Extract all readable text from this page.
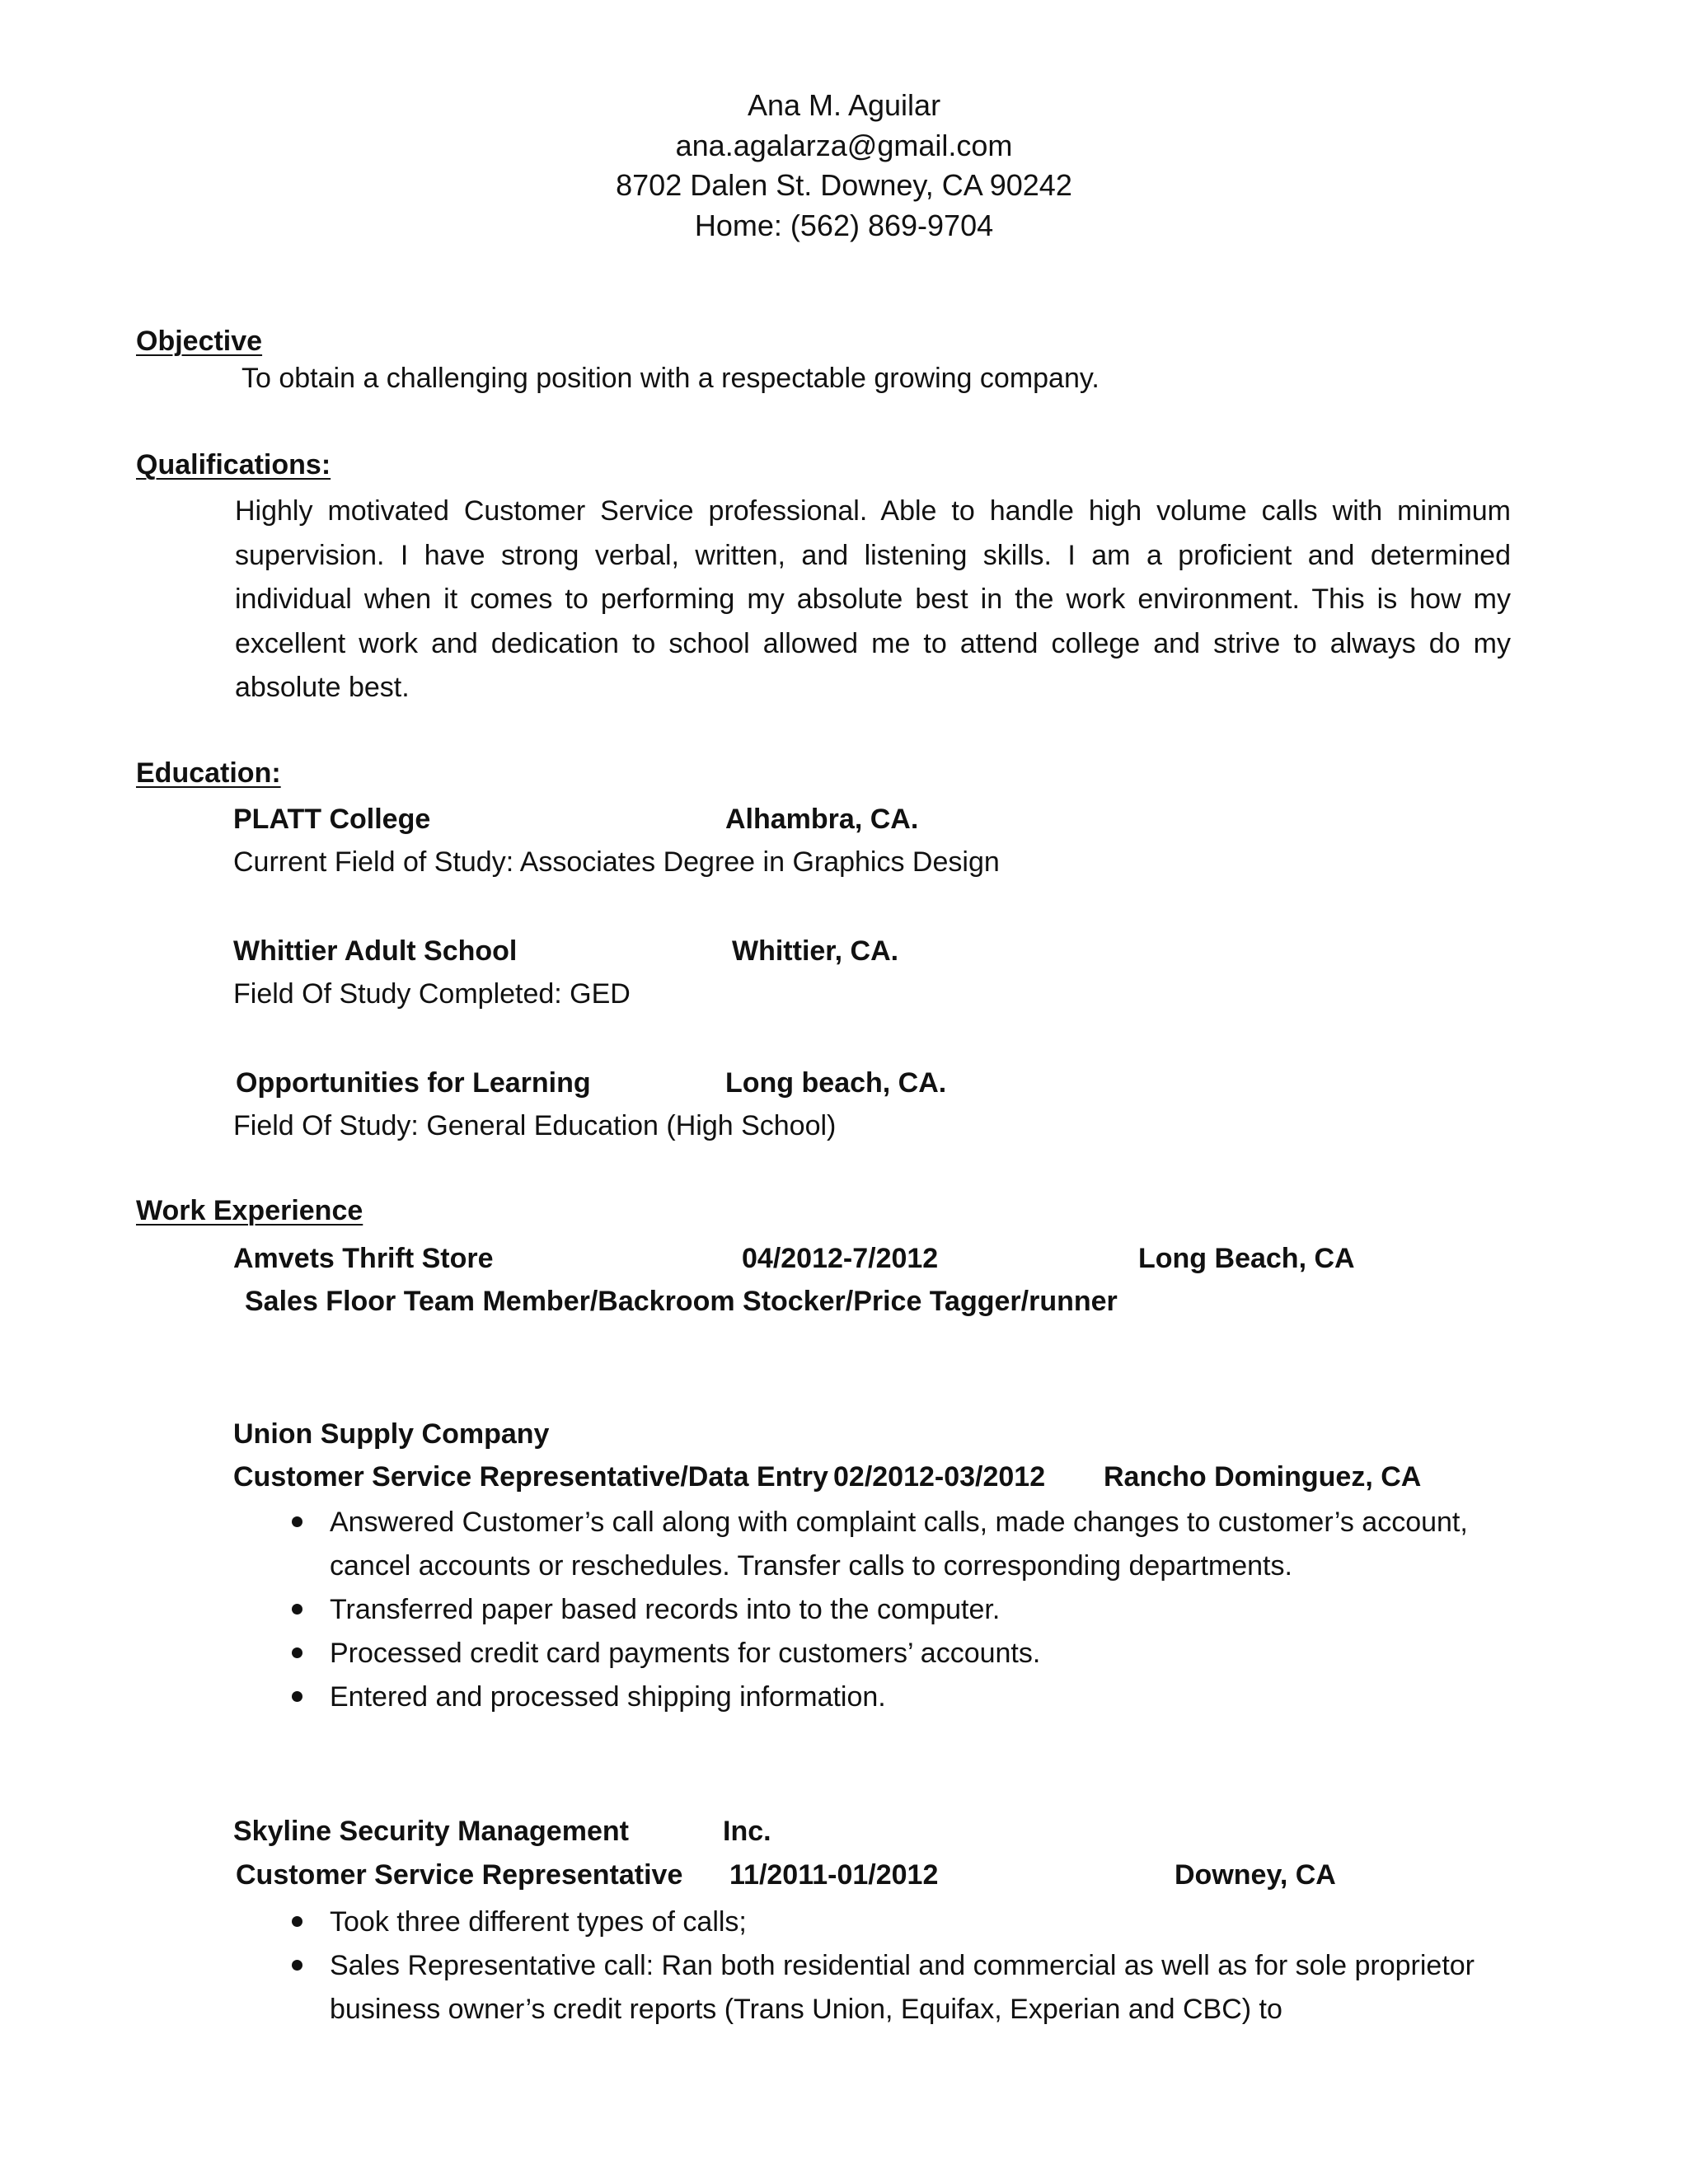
Ana M. Aguilar
ana.agalarza@gmail.com
8702 Dalen St. Downey, CA 90242
Home: (562) 869-9704
Objective
To obtain a challenging position with a respectable growing company.
Qualifications:
Highly motivated Customer Service professional. Able to handle high volume calls with minimum supervision. I have strong verbal, written, and listening skills. I am a proficient and determined individual when it comes to performing my absolute best in the work environment. This is how my excellent work and dedication to school allowed me to attend college and strive to always do my absolute best.
Education:
PLATT College	Alhambra, CA.
Current Field of Study: Associates Degree in Graphics Design
Whittier Adult School	Whittier, CA.
Field Of Study Completed: GED
Opportunities for Learning	Long beach, CA.
Field Of Study: General Education (High School)
Work Experience
Amvets Thrift Store	04/2012-7/2012	Long Beach, CA
Sales Floor Team Member/Backroom Stocker/Price Tagger/runner
Union Supply Company
Customer Service Representative/Data Entry 02/2012-03/2012 Rancho Dominguez, CA
Answered Customer’s call along with complaint calls, made changes to customer’s account, cancel accounts or reschedules. Transfer calls to corresponding departments.
Transferred paper based records into to the computer.
Processed credit card payments for customers’ accounts.
Entered and processed shipping information.
Skyline Security Management	Inc.
Customer Service Representative 11/2011-01/2012	Downey, CA
Took three different types of calls;
Sales Representative call: Ran both residential and commercial as well as for sole proprietor business owner’s credit reports (Trans Union, Equifax, Experian and CBC) to
